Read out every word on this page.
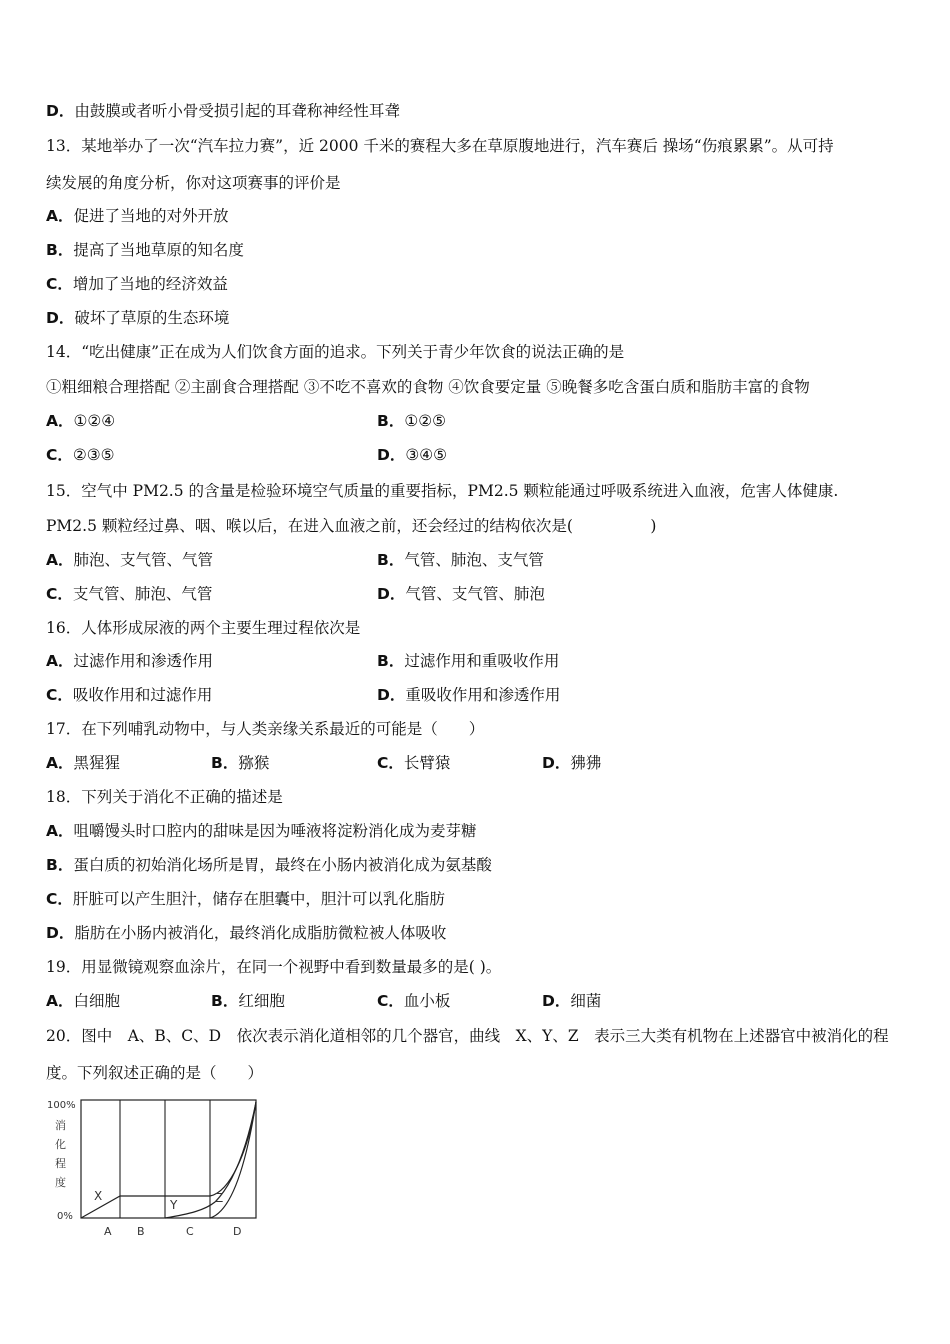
D．由鼓膜或者听小骨受损引起的耳聋称神经性耳聋
13．某地举办了一次“汽车拉力赛”，近 2000 千米的赛程大多在草原腹地进行，汽车赛后 操场“伤痕累累”。从可持
续发展的角度分析，你对这项赛事的评价是
A．促进了当地的对外开放
B．提高了当地草原的知名度
C．增加了当地的经济效益
D．破坏了草原的生态环境
14．“吃出健康”正在成为人们饮食方面的追求。下列关于青少年饮食的说法正确的是
①粗细粮合理搭配 ②主副食合理搭配 ③不吃不喜欢的食物 ④饮食要定量 ⑤晚餐多吃含蛋白质和脂肪丰富的食物
A．①②④	B．①②⑤
C．②③⑤	D．③④⑤
15．空气中 PM2.5 的含量是检验环境空气质量的重要指标，PM2.5 颗粒能通过呼吸系统进入血液，危害人体健康.
PM2.5 颗粒经过鼻、咽、喉以后，在进入血液之前，还会经过的结构依次是(　　　　　)
A．肺泡、支气管、气管	B．气管、肺泡、支气管
C．支气管、肺泡、气管	D．气管、支气管、肺泡
16．人体形成尿液的两个主要生理过程依次是
A．过滤作用和渗透作用	B．过滤作用和重吸收作用
C．吸收作用和过滤作用	D．重吸收作用和渗透作用
17．在下列哺乳动物中，与人类亲缘关系最近的可能是（　　）
A．黑猩猩	B．猕猴	C．长臂猿	D．狒狒
18．下列关于消化不正确的描述是
A．咀嚼馒头时口腔内的甜味是因为唾液将淀粉消化成为麦芽糖
B．蛋白质的初始消化场所是胃，最终在小肠内被消化成为氨基酸
C．肝脏可以产生胆汁，储存在胆囊中，胆汁可以乳化脂肪
D．脂肪在小肠内被消化，最终消化成脂肪微粒被人体吸收
19．用显微镜观察血涂片，在同一个视野中看到数量最多的是( )。
A．白细胞	B．红细胞	C．血小板	D．细菌
20．图中　A、B、C、D　依次表示消化道相邻的几个器官，曲线　X、Y、Z　表示三大类有机物在上述器官中被消化的程
度。下列叙述正确的是（　　）
100%
0%
消
化
程
度
A B	C	D
X
Y	Z
